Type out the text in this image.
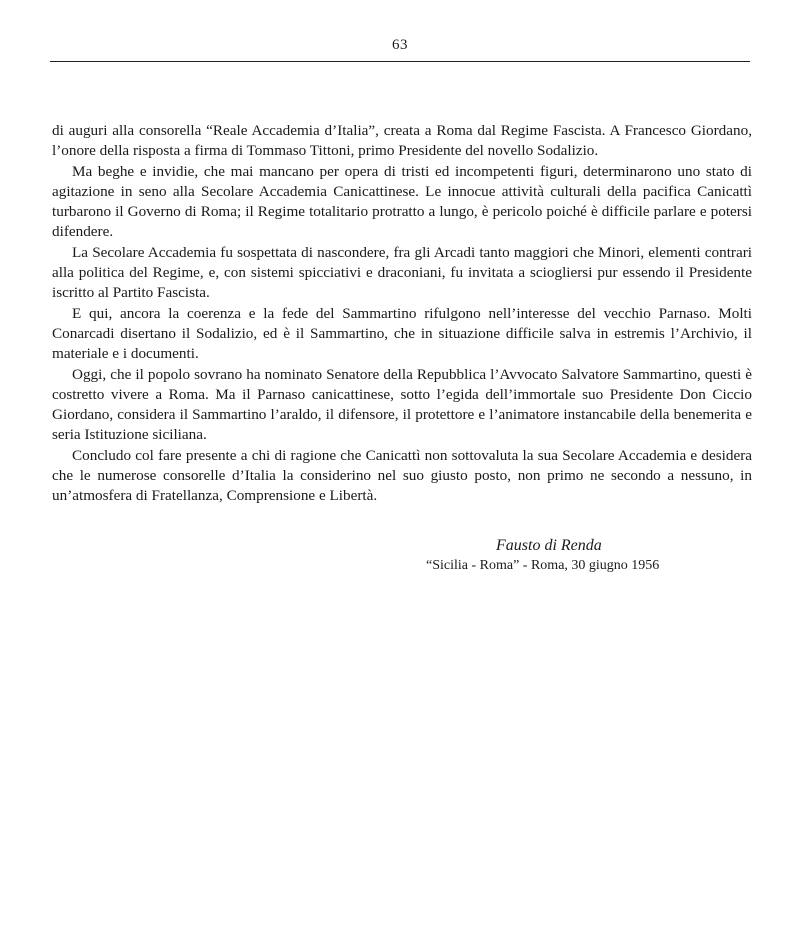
63

di auguri alla consorella “Reale Accademia d’Italia”, creata a Roma dal Regime Fascista. A Francesco Giordano, l’onore della risposta a firma di Tommaso Tittoni, primo Presidente del novello Sodalizio.

Ma beghe e invidie, che mai mancano per opera di tristi ed incompetenti figuri, determinarono uno stato di agitazione in seno alla Secolare Accademia Canicattinese. Le innocue attività culturali della pacifica Canicattì turbarono il Governo di Roma; il Regime totalitario protratto a lungo, è pericolo poiché è difficile parlare e potersi difendere.

La Secolare Accademia fu sospettata di nascondere, fra gli Arcadi tanto maggiori che Minori, elementi contrari alla politica del Regime, e, con sistemi spicciativi e draconiani, fu invitata a sciogliersi pur essendo il Presidente iscritto al Partito Fascista.

E qui, ancora la coerenza e la fede del Sammartino rifulgono nell’interesse del vecchio Parnaso. Molti Conarcadi disertano il Sodalizio, ed è il Sammartino, che in situazione difficile salva in estremis l’Archivio, il materiale e i documenti.

Oggi, che il popolo sovrano ha nominato Senatore della Repubblica l’Avvocato Salvatore Sammartino, questi è costretto vivere a Roma. Ma il Parnaso canicattinese, sotto l’egida dell’immortale suo Presidente Don Ciccio Giordano, considera il Sammartino l’araldo, il difensore, il protettore e l’animatore instancabile della benemerita e seria Istituzione siciliana.

Concludo col fare presente a chi di ragione che Canicattì non sottovaluta la sua Secolare Accademia e desidera che le numerose consorelle d’Italia la considerino nel suo giusto posto, non primo ne secondo a nessuno, in un’atmosfera di Fratellanza, Comprensione e Libertà.

Fausto di Renda
“Sicilia - Roma” - Roma, 30 giugno 1956
